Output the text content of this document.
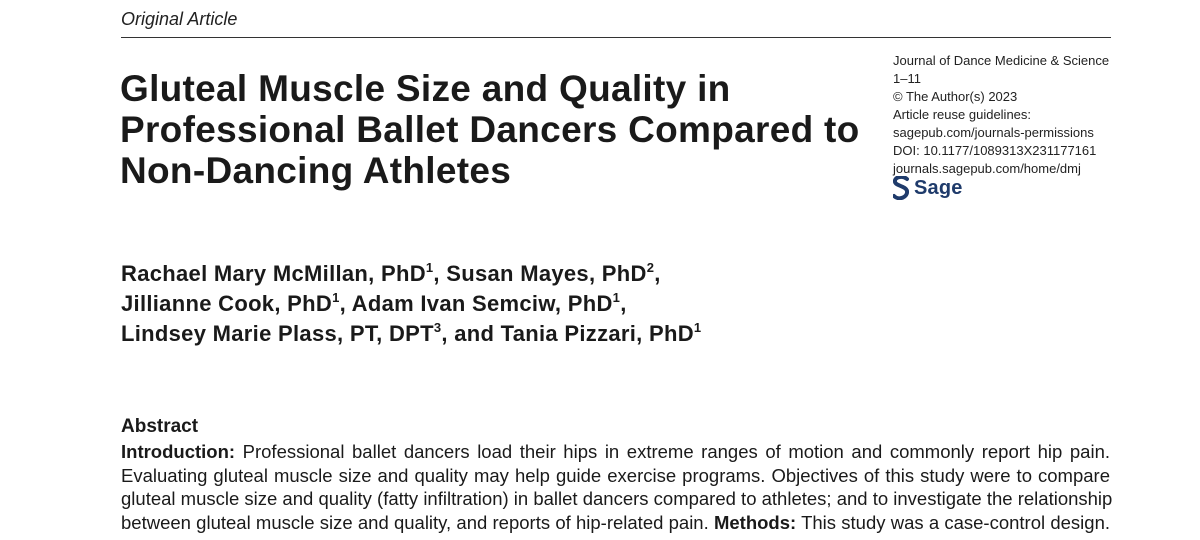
Original Article
Gluteal Muscle Size and Quality in
Professional Ballet Dancers Compared to
Non-Dancing Athletes
Journal of Dance Medicine & Science
1–11
© The Author(s) 2023
Article reuse guidelines:
sagepub.com/journals-permissions
DOI: 10.1177/1089313X231177161
journals.sagepub.com/home/dmj
Sage
Rachael Mary McMillan, PhD$^1$, Susan Mayes, PhD$^2$,
Jillianne Cook, PhD$^1$, Adam Ivan Semciw, PhD$^1$,
Lindsey Marie Plass, PT, DPT$^3$, and Tania Pizzari, PhD$^1$
Abstract
Introduction: Professional ballet dancers load their hips in extreme ranges of motion and commonly report hip pain.
Evaluating gluteal muscle size and quality may help guide exercise programs. Objectives of this study were to compare
gluteal muscle size and quality (fatty infiltration) in ballet dancers compared to athletes; and to investigate the relationship
between gluteal muscle size and quality, and reports of hip-related pain. Methods: This study was a case-control design.
